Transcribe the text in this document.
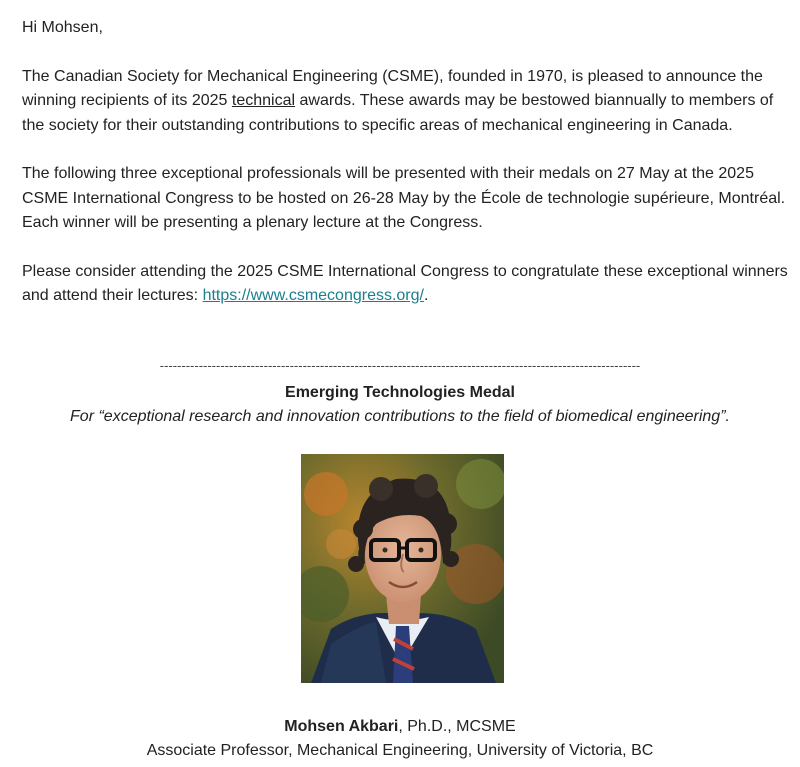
Hi Mohsen,

The Canadian Society for Mechanical Engineering (CSME), founded in 1970, is pleased to announce the winning recipients of its 2025 technical awards. These awards may be bestowed biannually to members of the society for their outstanding contributions to specific areas of mechanical engineering in Canada.

The following three exceptional professionals will be presented with their medals on 27 May at the 2025 CSME International Congress to be hosted on 26-28 May by the École de technologie supérieure, Montréal. Each winner will be presenting a plenary lecture at the Congress.

Please consider attending the 2025 CSME International Congress to congratulate these exceptional winners and attend their lectures: https://www.csmecongress.org/.

---------------------------------------------------------------------------------------------------------------
Emerging Technologies Medal
For “exceptional research and innovation contributions to the field of biomedical engineering”.
Mohsen Akbari, Ph.D., MCSME
Associate Professor, Mechanical Engineering, University of Victoria, BC
